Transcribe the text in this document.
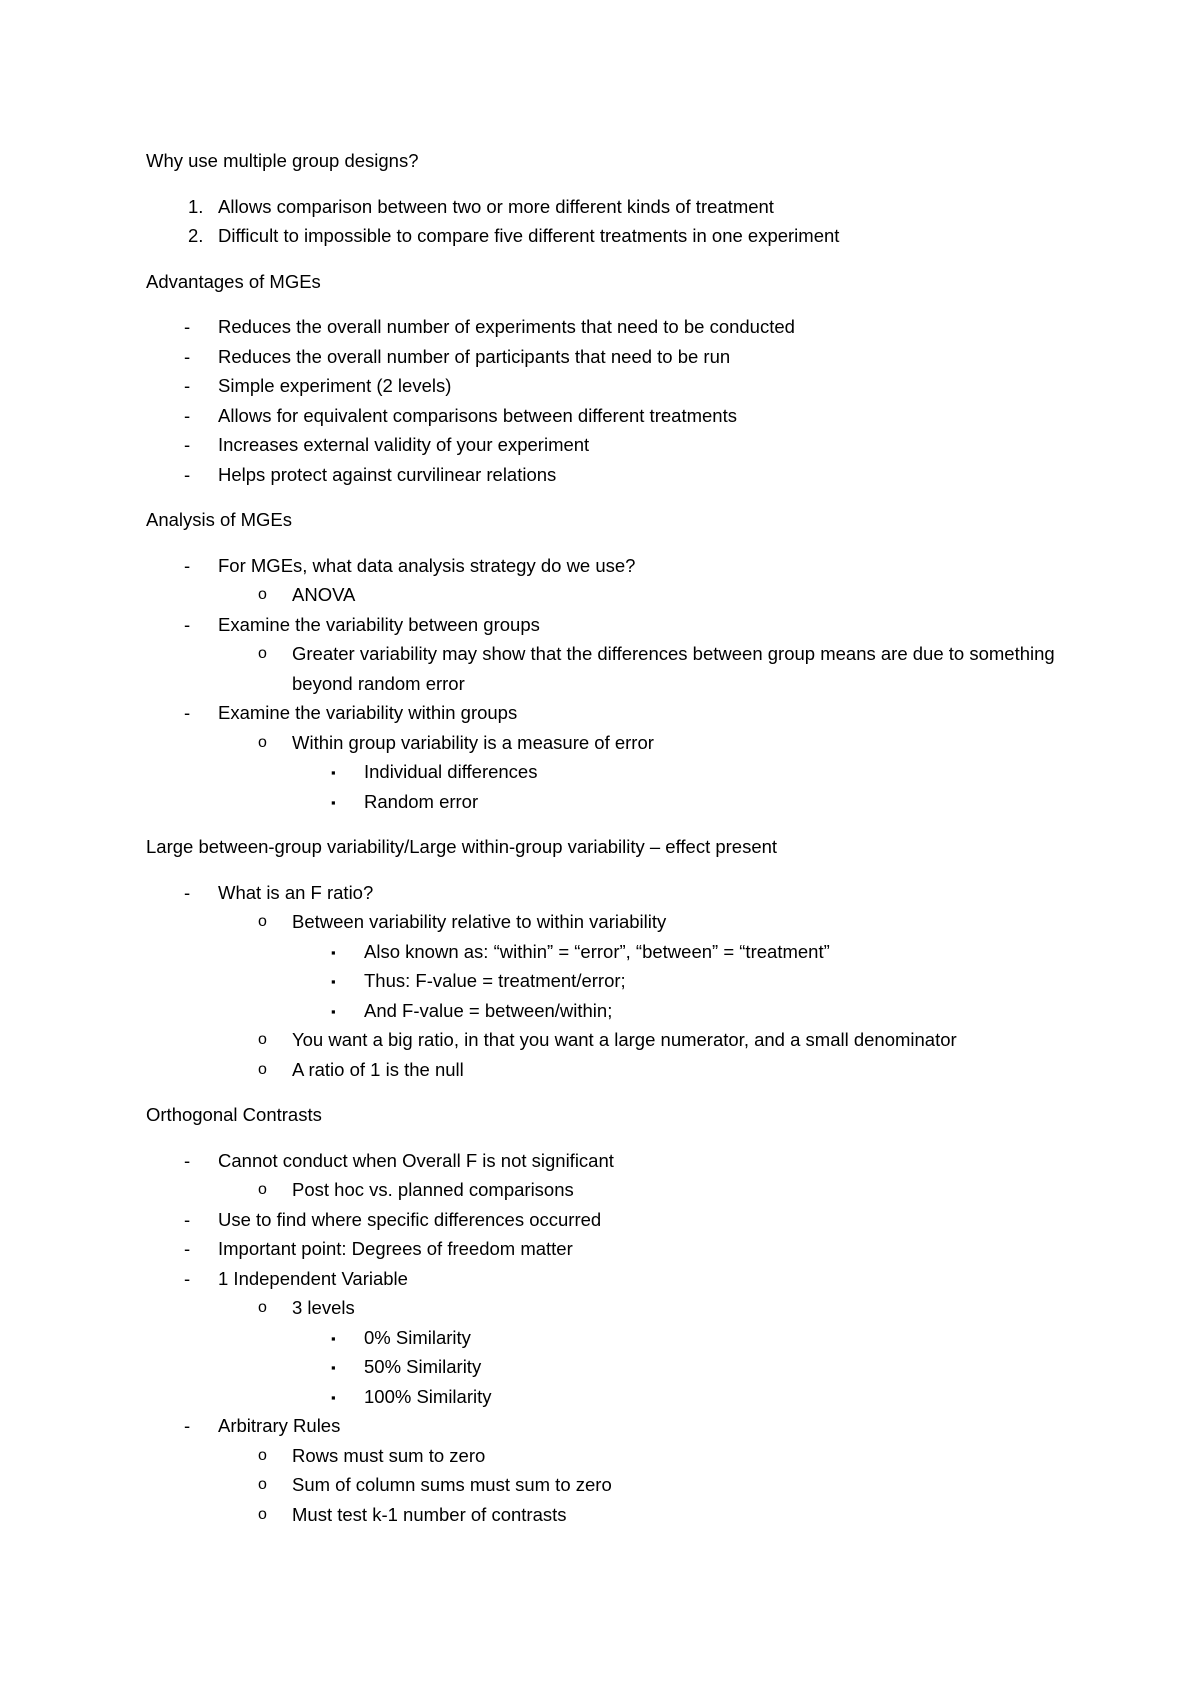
Why use multiple group designs?
1. Allows comparison between two or more different kinds of treatment
2. Difficult to impossible to compare five different treatments in one experiment
Advantages of MGEs
- Reduces the overall number of experiments that need to be conducted
- Reduces the overall number of participants that need to be run
- Simple experiment (2 levels)
- Allows for equivalent comparisons between different treatments
- Increases external validity of your experiment
- Helps protect against curvilinear relations
Analysis of MGEs
- For MGEs, what data analysis strategy do we use?
o ANOVA
- Examine the variability between groups
o Greater variability may show that the differences between group means are due to something beyond random error
- Examine the variability within groups
o Within group variability is a measure of error
▪ Individual differences
▪ Random error
Large between-group variability/Large within-group variability – effect present
- What is an F ratio?
o Between variability relative to within variability
▪ Also known as: “within” = “error”, “between” = “treatment”
▪ Thus: F-value = treatment/error;
▪ And F-value = between/within;
o You want a big ratio, in that you want a large numerator, and a small denominator
o A ratio of 1 is the null
Orthogonal Contrasts
- Cannot conduct when Overall F is not significant
o Post hoc vs. planned comparisons
- Use to find where specific differences occurred
- Important point: Degrees of freedom matter
- 1 Independent Variable
o 3 levels
▪ 0% Similarity
▪ 50% Similarity
▪ 100% Similarity
- Arbitrary Rules
o Rows must sum to zero
o Sum of column sums must sum to zero
o Must test k-1 number of contrasts
